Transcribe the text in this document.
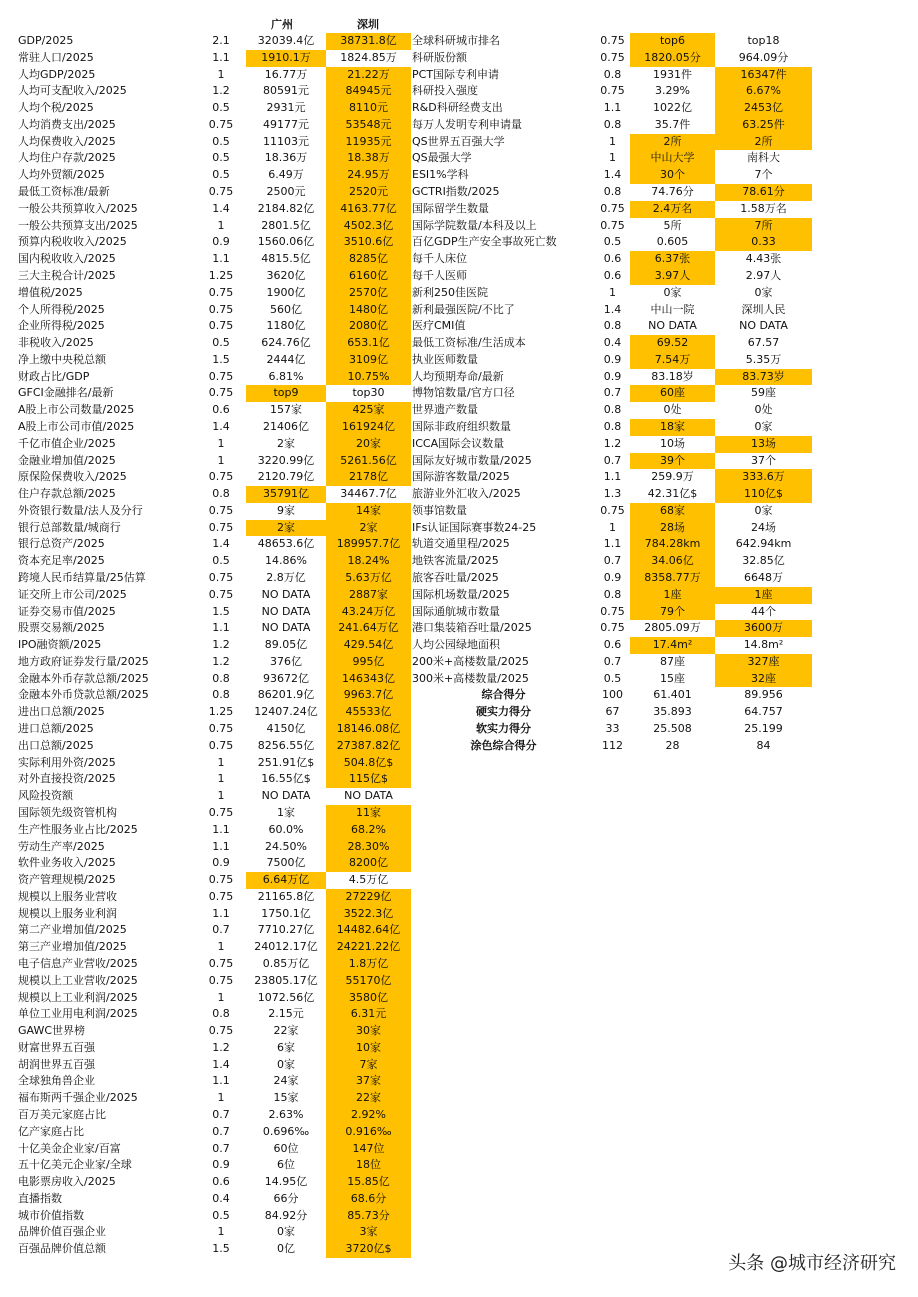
广州	深圳
GDP/2025	2.1	32039.4亿	38731.8亿
常驻人口/2025	1.1	1910.1万	1824.85万
人均GDP/2025	1	16.77万	21.22万
人均可支配收入/2025	1.2	80591元	84945元
人均个税/2025	0.5	2931元	8110元
人均消费支出/2025	0.75	49177元	53548元
人均保费收入/2025	0.5	11103元	11935元
人均住户存款/2025	0.5	18.36万	18.38万
人均外贸额/2025	0.5	6.49万	24.95万
最低工资标准/最新	0.75	2500元	2520元
一般公共预算收入/2025	1.4	2184.82亿	4163.77亿
一般公共预算支出/2025	1	2801.5亿	4502.3亿
预算内税收收入/2025	0.9	1560.06亿	3510.6亿
国内税收收入/2025	1.1	4815.5亿	8285亿
三大主税合计/2025	1.25	3620亿	6160亿
增值税/2025	0.75	1900亿	2570亿
个人所得税/2025	0.75	560亿	1480亿
企业所得税/2025	0.75	1180亿	2080亿
非税收入/2025	0.5	624.76亿	653.1亿
净上缴中央税总额	1.5	2444亿	3109亿
财政占比/GDP	0.75	6.81%	10.75%
GFCI金融排名/最新	0.75	top9	top30
A股上市公司数量/2025	0.6	157家	425家
A股上市公司市值/2025	1.4	21406亿	161924亿
千亿市值企业/2025	1	2家	20家
金融业增加值/2025	1	3220.99亿	5261.56亿
原保险保费收入/2025	0.75	2120.79亿	2178亿
住户存款总额/2025	0.8	35791亿	34467.7亿
外资银行数量/法人及分行	0.75	9家	14家
银行总部数量/城商行	0.75	2家	2家
银行总资产/2025	1.4	48653.6亿	189957.7亿
资本充足率/2025	0.5	14.86%	18.24%
跨境人民币结算量/25估算	0.75	2.8万亿	5.63万亿
证交所上市公司/2025	0.75	NO DATA	2887家
证券交易市值/2025	1.5	NO DATA	43.24万亿
股票交易额/2025	1.1	NO DATA	241.64万亿
IPO融资额/2025	1.2	89.05亿	429.54亿
地方政府证券发行量/2025	1.2	376亿	995亿
金融本外币存款总额/2025	0.8	93672亿	146343亿
金融本外币贷款总额/2025	0.8	86201.9亿	9963.7亿
进出口总额/2025	1.25	12407.24亿	45533亿
进口总额/2025	0.75	4150亿	18146.08亿
出口总额/2025	0.75	8256.55亿	27387.82亿
实际利用外资/2025	1	251.91亿$	504.8亿$
对外直接投资/2025	1	16.55亿$	115亿$
风险投资额	1	NO DATA	NO DATA
国际领先级资管机构	0.75	1家	11家
生产性服务业占比/2025	1.1	60.0%	68.2%
劳动生产率/2025	1.1	24.50%	28.30%
软件业务收入/2025	0.9	7500亿	8200亿
资产管理规模/2025	0.75	6.64万亿	4.5万亿
规模以上服务业营收	0.75	21165.8亿	27229亿
规模以上服务业利润	1.1	1750.1亿	3522.3亿
第二产业增加值/2025	0.7	7710.27亿	14482.64亿
第三产业增加值/2025	1	24012.17亿	24221.22亿
电子信息产业营收/2025	0.75	0.85万亿	1.8万亿
规模以上工业营收/2025	0.75	23805.17亿	55170亿
规模以上工业利润/2025	1	1072.56亿	3580亿
单位工业用电利润/2025	0.8	2.15元	6.31元
GAWC世界榜	0.75	22家	30家
财富世界五百强	1.2	6家	10家
胡润世界五百强	1.4	0家	7家
全球独角兽企业	1.1	24家	37家
福布斯两千强企业/2025	1	15家	22家
百万美元家庭占比	0.7	2.63%	2.92%
亿产家庭占比	0.7	0.696‰	0.916‰
十亿美金企业家/百富	0.7	60位	147位
五十亿美元企业家/全球	0.9	6位	18位
电影票房收入/2025	0.6	14.95亿	15.85亿
直播指数	0.4	66分	68.6分
城市价值指数	0.5	84.92分	85.73分
品牌价值百强企业	1	0家	3家
百强品牌价值总额	1.5	0亿	3720亿$
全球科研城市排名	0.75	top6	top18
科研版份额	0.75	1820.05分	964.09分
PCT国际专利申请	0.8	1931件	16347件
科研投入强度	0.75	3.29%	6.67%
R&D科研经费支出	1.1	1022亿	2453亿
每万人发明专利申请量	0.8	35.7件	63.25件
QS世界五百强大学	1	2所	2所
QS最强大学	1	中山大学	南科大
ESI1%学科	1.4	30个	7个
GCTRI指数/2025	0.8	74.76分	78.61分
国际留学生数量	0.75	2.4万名	1.58万名
国际学院数量/本科及以上	0.75	5所	7所
百亿GDP生产安全事故死亡数	0.5	0.605	0.33
每千人床位	0.6	6.37张	4.43张
每千人医师	0.6	3.97人	2.97人
新利250佳医院	1	0家	0家
新利最强医院/不比了	1.4	中山一院	深圳人民
医疗CMI值	0.8	NO DATA	NO DATA
最低工资标准/生活成本	0.4	69.52	67.57
执业医师数量	0.9	7.54万	5.35万
人均预期寿命/最新	0.9	83.18岁	83.73岁
博物馆数量/官方口径	0.7	60座	59座
世界遗产数量	0.8	0处	0处
国际非政府组织数量	0.8	18家	0家
ICCA国际会议数量	1.2	10场	13场
国际友好城市数量/2025	0.7	39个	37个
国际游客数量/2025	1.1	259.9万	333.6万
旅游业外汇收入/2025	1.3	42.31亿$	110亿$
领事馆数量	0.75	68家	0家
IFs认证国际赛事数24-25	1	28场	24场
轨道交通里程/2025	1.1	784.28km	642.94km
地铁客流量/2025	0.7	34.06亿	32.85亿
旅客吞吐量/2025	0.9	8358.77万	6648万
国际机场数量/2025	0.8	1座	1座
国际通航城市数量	0.75	79个	44个
港口集装箱吞吐量/2025	0.75	2805.09万	3600万
人均公园绿地面积	0.6	17.4m²	14.8m²
200米+高楼数量/2025	0.7	87座	327座
300米+高楼数量/2025	0.5	15座	32座
综合得分	100	61.401	89.956
硬实力得分	67	35.893	64.757
软实力得分	33	25.508	25.199
涂色综合得分	112	28	84
头条 @城市经济研究
